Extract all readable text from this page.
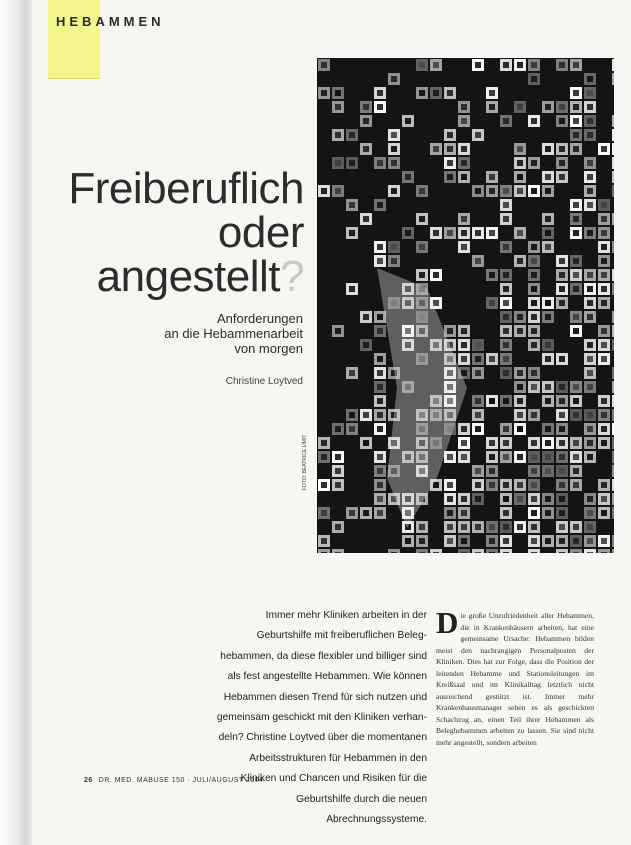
HEBAMMEN
FOTO: BEATRICE LIMIT
Freiberuflich
oder
angestellt?
Anforderungen
an die Hebammenarbeit
von morgen
Christine Loytved
Immer mehr Kliniken arbeiten in der Geburtshilfe mit freiberuflichen Beleg-hebammen, da diese flexibler und billiger sind als fest angestellte Hebammen. Wie können Hebammen diesen Trend für sich nutzen und gemeinsam geschickt mit den Kliniken verhan-deln? Christine Loytved über die momentanen Arbeitsstrukturen für Hebammen in den Kliniken und Chancen und Risiken für die Geburtshilfe durch die neuen Abrechnungssysteme.
Die große Unzufriedenheit aller Hebammen, die in Krankenhäusern arbeiten, hat eine gemeinsame Ursache: Hebammen bilden meist den nachrangigen Personalposten der Kliniken. Dies hat zur Folge, dass die Position der leitenden Hebamme und Stationsleitungen im Kreißsaal und im Klinikalltag letztlich nicht ausreichend gestützt ist. Immer mehr Krankenhausmanager sehen es als geschickten Schachzug an, einen Teil ihrer Hebammen als Beleghebammen arbeiten zu lassen. Sie sind nicht mehr angestellt, sondern arbeiten
26 DR. MED. MABUSE 150 · JULI/AUGUST 2004
